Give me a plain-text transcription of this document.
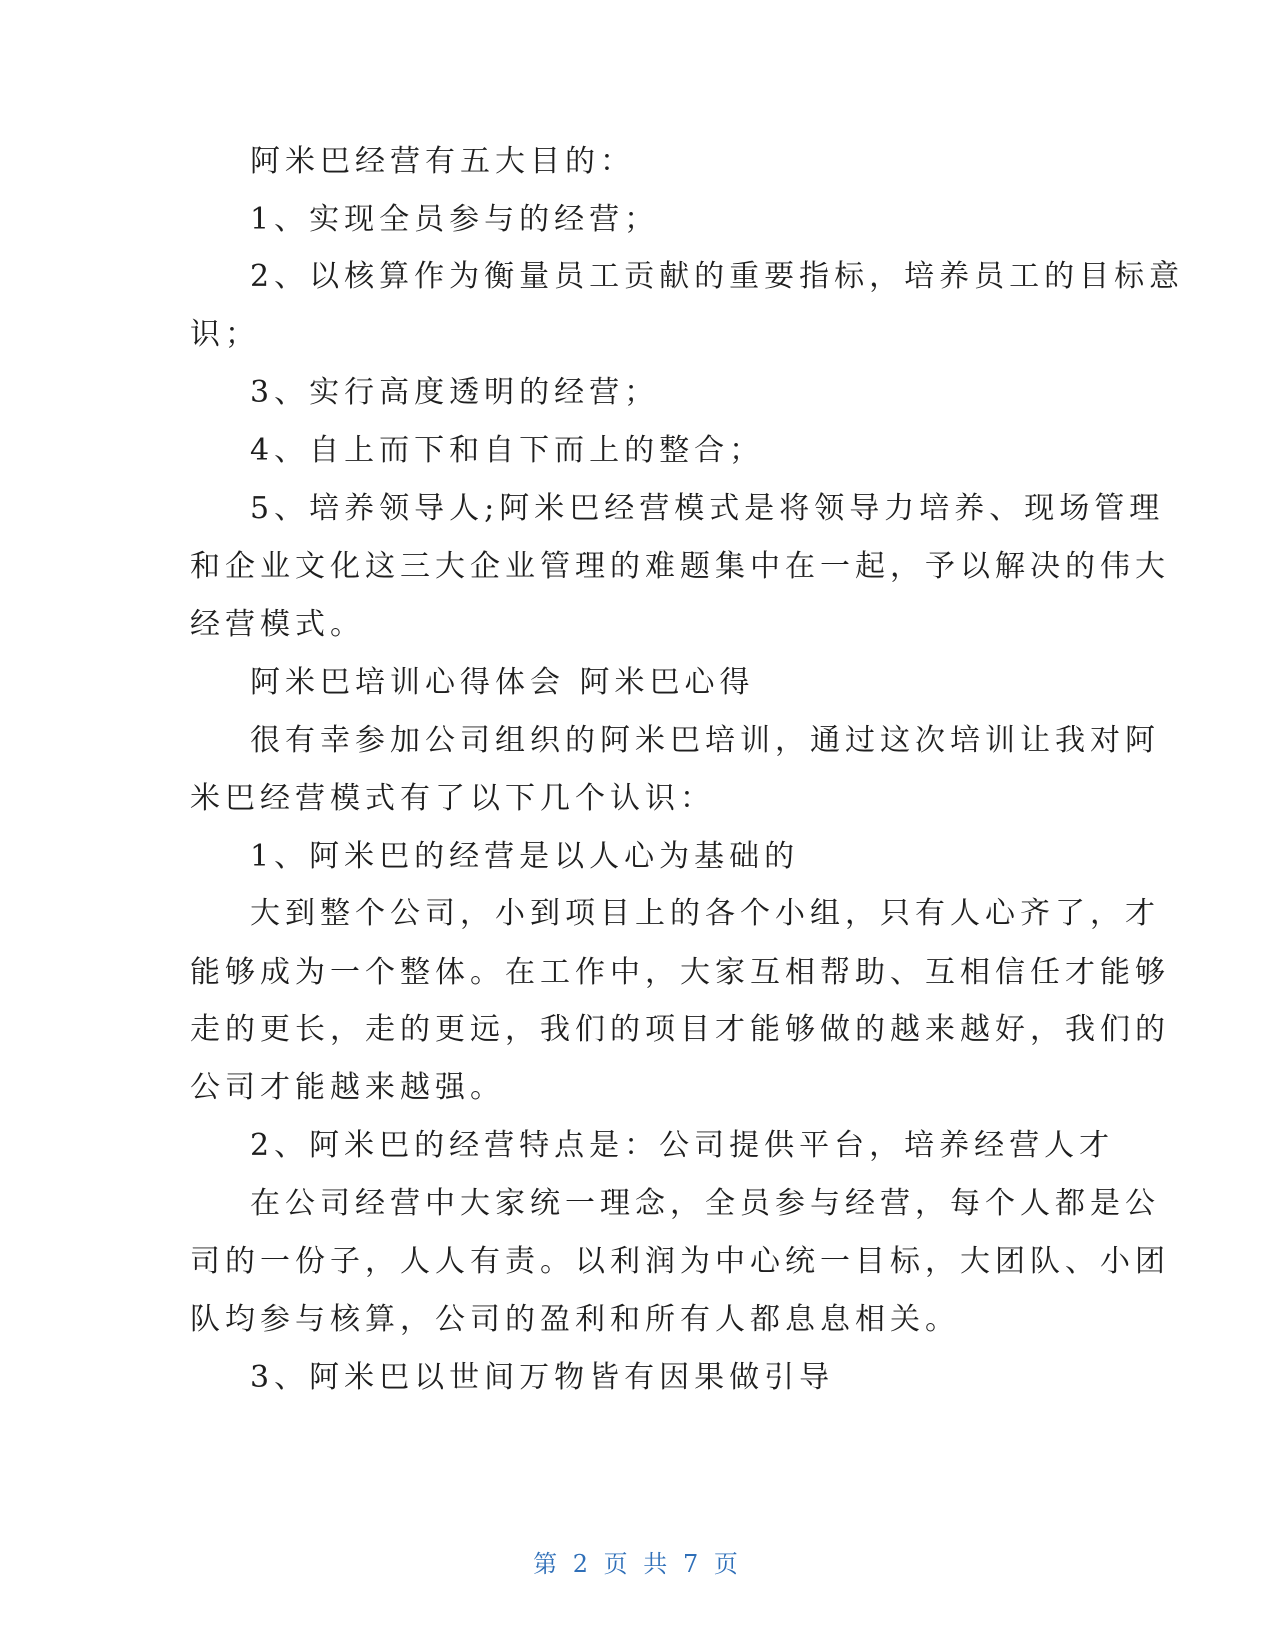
阿米巴经营有五大目的：
1、实现全员参与的经营；
2、以核算作为衡量员工贡献的重要指标，培养员工的目标意
识；
3、实行高度透明的经营；
4、自上而下和自下而上的整合；
5、培养领导人;阿米巴经营模式是将领导力培养、现场管理
和企业文化这三大企业管理的难题集中在一起，予以解决的伟大
经营模式。
阿米巴培训心得体会 阿米巴心得
很有幸参加公司组织的阿米巴培训，通过这次培训让我对阿
米巴经营模式有了以下几个认识：
1、阿米巴的经营是以人心为基础的
大到整个公司，小到项目上的各个小组，只有人心齐了，才
能够成为一个整体。在工作中，大家互相帮助、互相信任才能够
走的更长，走的更远，我们的项目才能够做的越来越好，我们的
公司才能越来越强。
2、阿米巴的经营特点是：公司提供平台，培养经营人才
在公司经营中大家统一理念，全员参与经营，每个人都是公
司的一份子，人人有责。以利润为中心统一目标，大团队、小团
队均参与核算，公司的盈利和所有人都息息相关。
3、阿米巴以世间万物皆有因果做引导
第 2 页 共 7 页
